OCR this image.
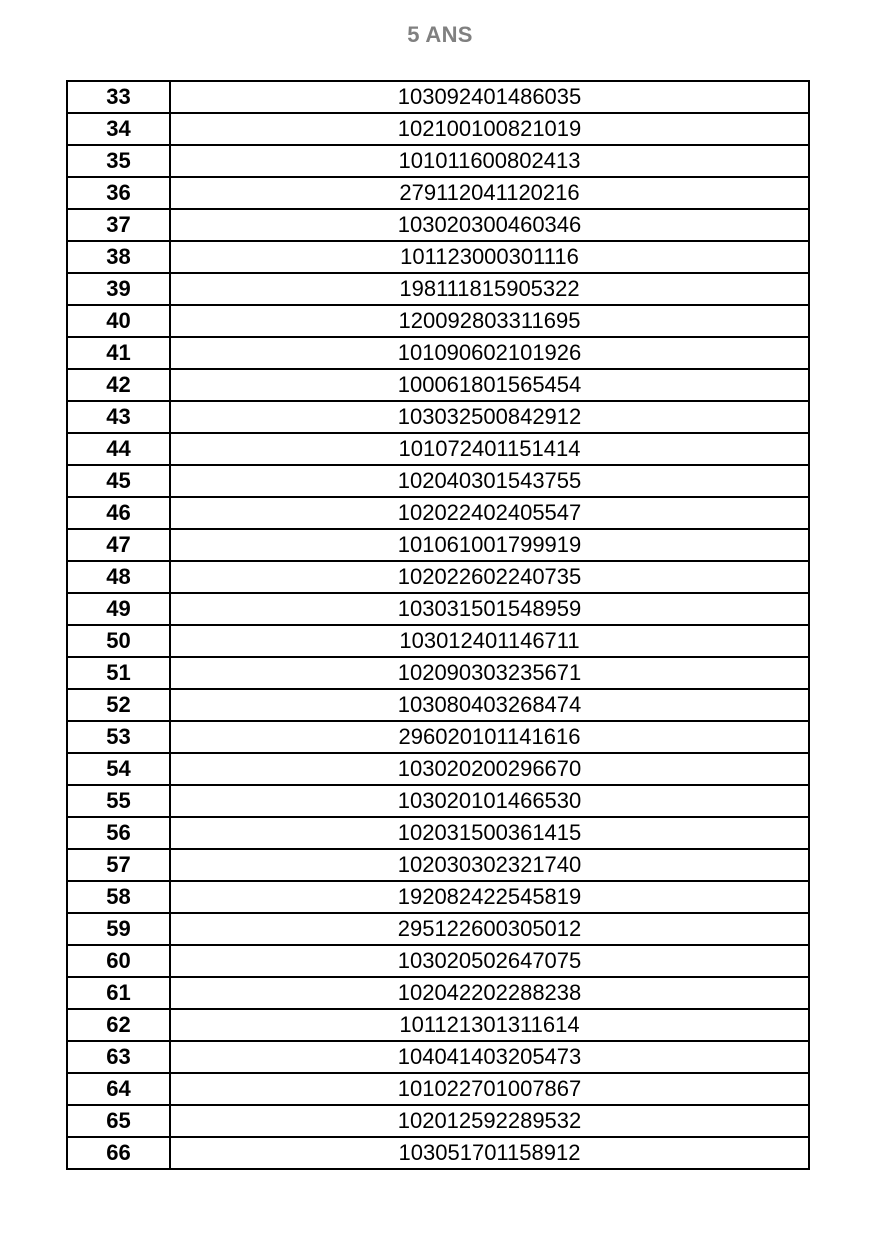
5 ANS
33	103092401486035
34	102100100821019
35	101011600802413
36	279112041120216
37	103020300460346
38	101123000301116
39	198111815905322
40	120092803311695
41	101090602101926
42	100061801565454
43	103032500842912
44	101072401151414
45	102040301543755
46	102022402405547
47	101061001799919
48	102022602240735
49	103031501548959
50	103012401146711
51	102090303235671
52	103080403268474
53	296020101141616
54	103020200296670
55	103020101466530
56	102031500361415
57	102030302321740
58	192082422545819
59	295122600305012
60	103020502647075
61	102042202288238
62	101121301311614
63	104041403205473
64	101022701007867
65	102012592289532
66	103051701158912
